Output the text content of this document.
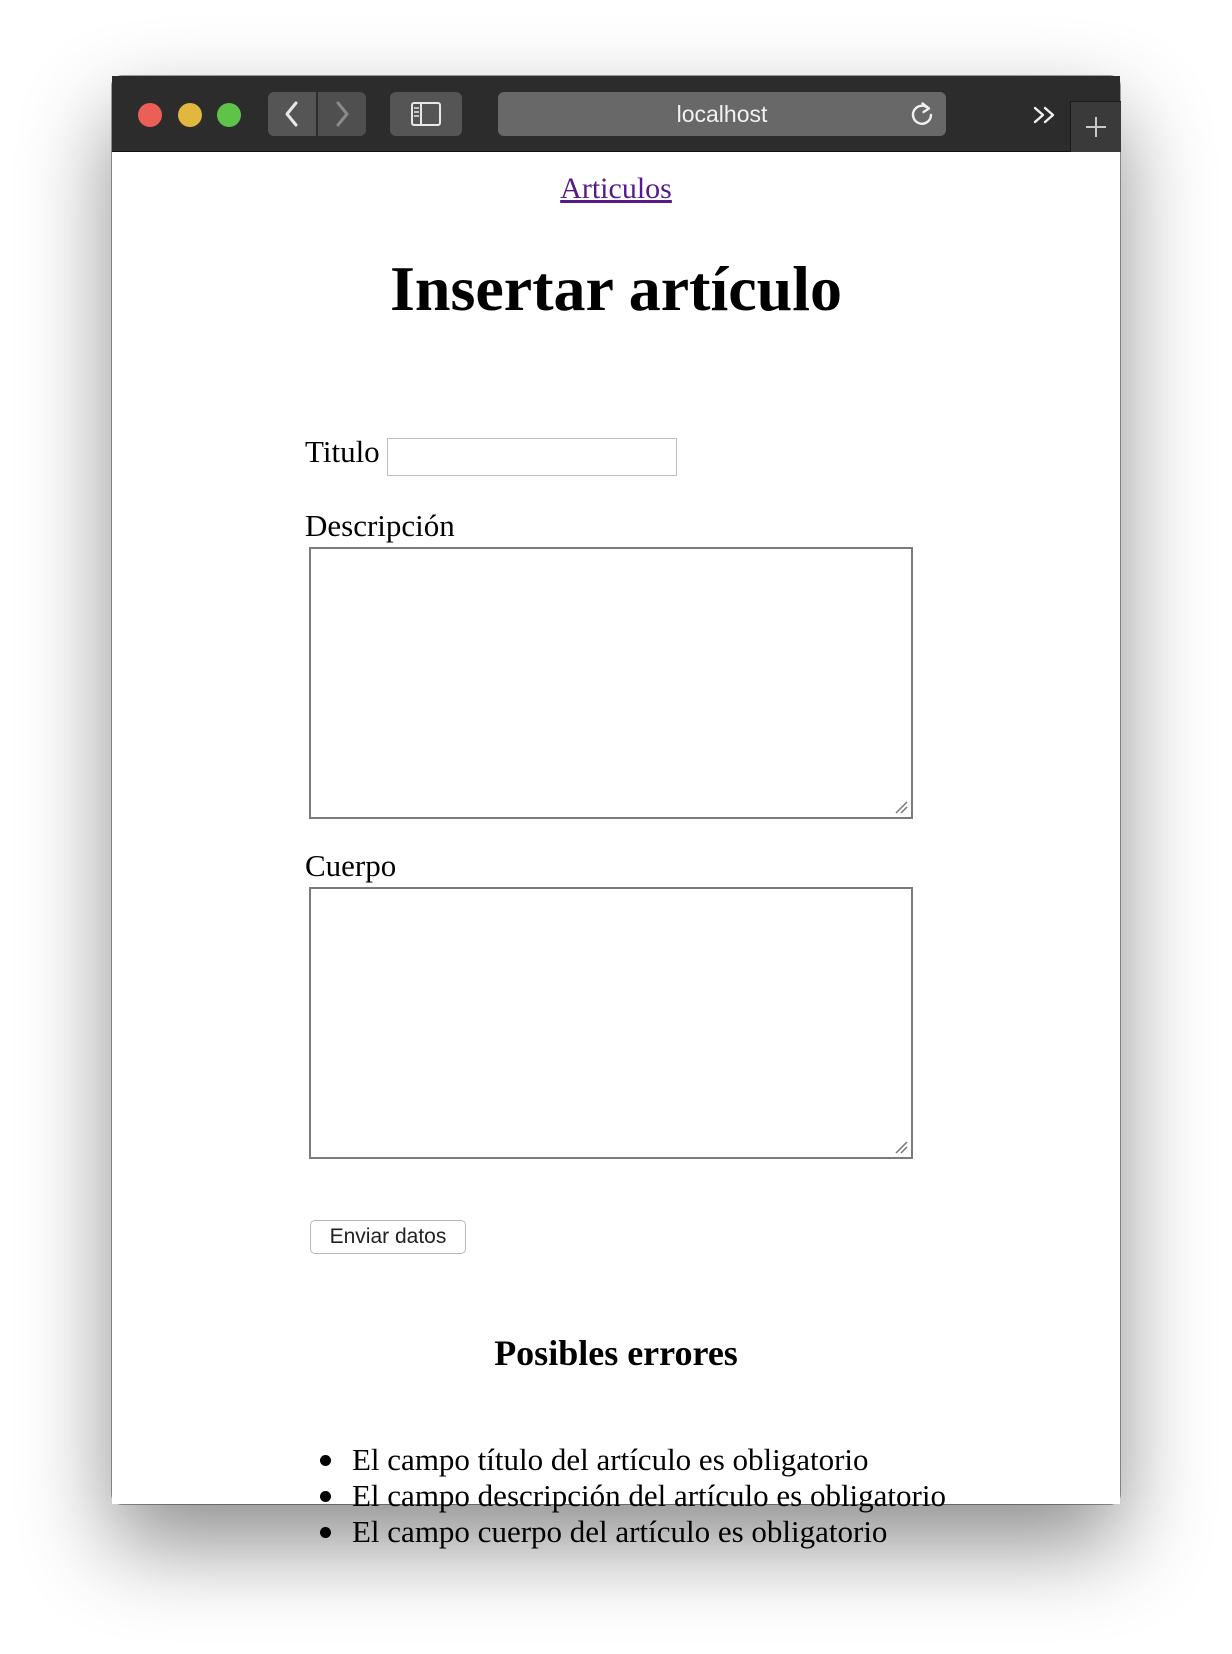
localhost
Articulos
Insertar artículo
Titulo
Descripción
Cuerpo
Enviar datos
Posibles errores
El campo título del artículo es obligatorio
El campo descripción del artículo es obligatorio
El campo cuerpo del artículo es obligatorio
